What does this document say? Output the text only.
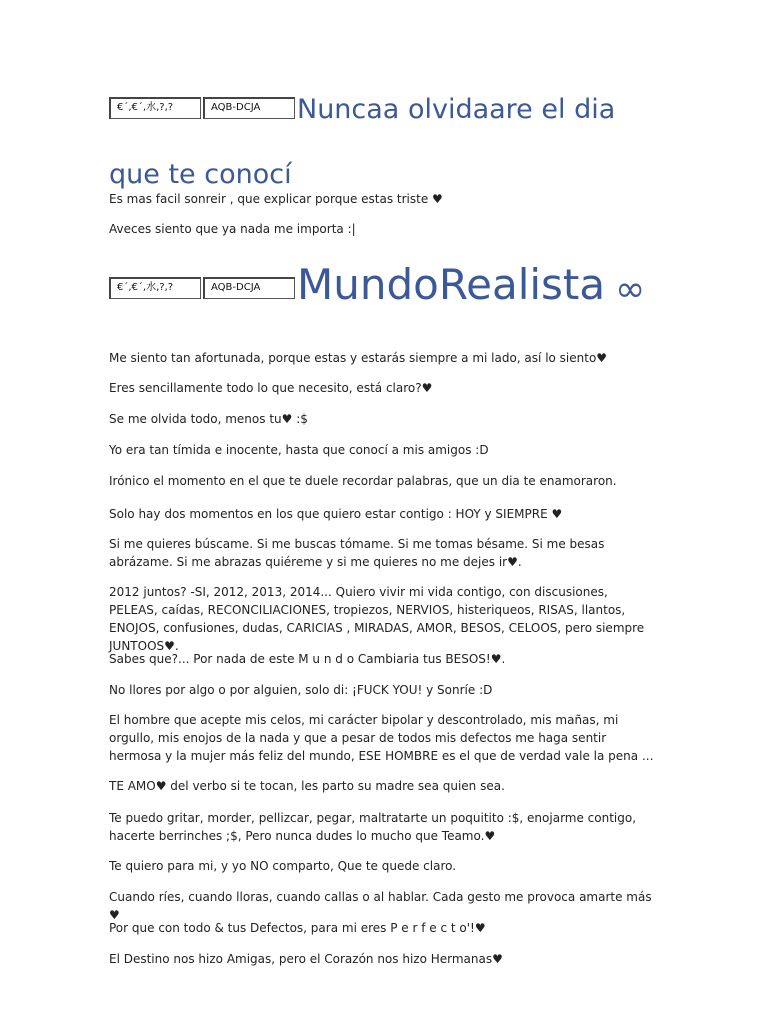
€´,€´,水,?,?	AQB-DCJA	Nuncaa olvidaare el dia
que te conocí

Es mas facil sonreir , que explicar porque estas triste ♥

Aveces siento que ya nada me importa :|

€´,€´,水,?,?	AQB-DCJA MundoRealista ∞

Me siento tan afortunada, porque estas y estarás siempre a mi lado, así lo siento♥

Eres sencillamente todo lo que necesito, está claro?♥

Se me olvida todo, menos tu♥ :$

Yo era tan tímida e inocente, hasta que conocí a mis amigos :D

Irónico el momento en el que te duele recordar palabras, que un dia te enamoraron.

Solo hay dos momentos en los que quiero estar contigo : HOY y SIEMPRE ♥

Si me quieres búscame. Si me buscas tómame. Si me tomas bésame. Si me besas abrázame. Si me abrazas quiéreme y si me quieres no me dejes ir♥.

2012 juntos? -SI, 2012, 2013, 2014... Quiero vivir mi vida contigo, con discusiones, PELEAS, caídas, RECONCILIACIONES, tropiezos, NERVIOS, histeriqueos, RISAS, llantos, ENOJOS, confusiones, dudas, CARICIAS , MIRADAS, AMOR, BESOS, CELOOS, pero siempre JUNTOOS♥.

Sabes que?... Por nada de este M u n d o Cambiaria tus BESOS!♥.

No llores por algo o por alguien, solo di: ¡FUCK YOU! y Sonríe :D

El hombre que acepte mis celos, mi carácter bipolar y descontrolado, mis mañas, mi orgullo, mis enojos de la nada y que a pesar de todos mis defectos me haga sentir hermosa y la mujer más feliz del mundo, ESE HOMBRE es el que de verdad vale la pena ...

TE AMO♥ del verbo si te tocan, les parto su madre sea quien sea.

Te puedo gritar, morder, pellizcar, pegar, maltratarte un poquitito :$, enojarme contigo, hacerte berrinches ;$, Pero nunca dudes lo mucho que Teamo.♥

Te quiero para mi, y yo NO comparto, Que te quede claro.

Cuando ríes, cuando lloras, cuando callas o al hablar. Cada gesto me provoca amarte más ♥

Por que con todo & tus Defectos, para mi eres P e r f e c t o'!♥

El Destino nos hizo Amigas, pero el Corazón nos hizo Hermanas♥
